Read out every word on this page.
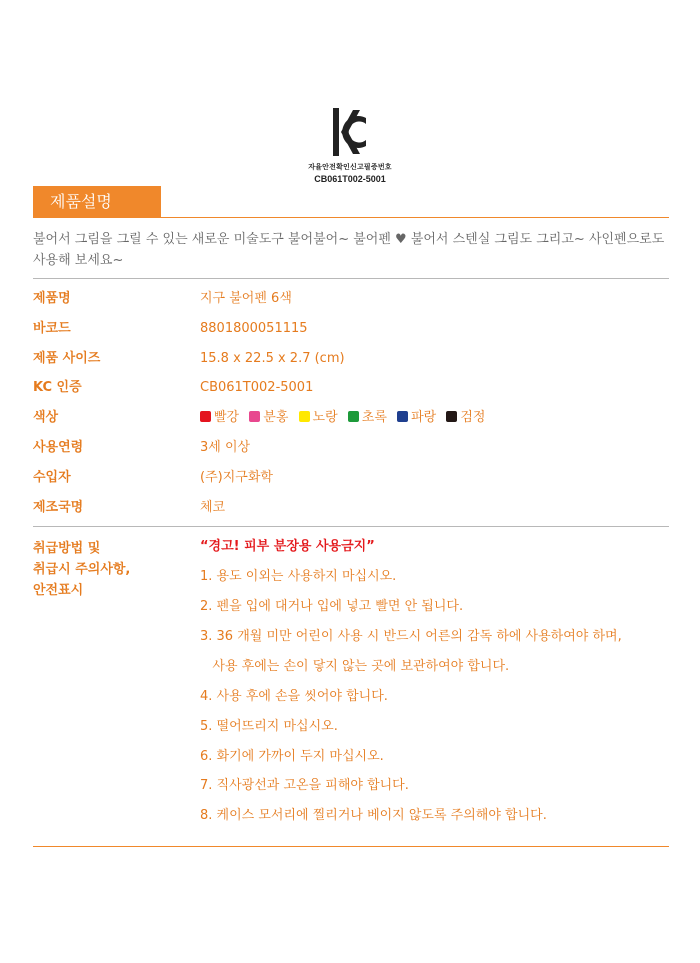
자율안전확인신고필증번호
CB061T002-5001
제품설명
불어서 그림을 그릴 수 있는 새로운 미술도구 불어불어~ 불어펜 ♥ 불어서 스텐실 그림도 그리고~ 사인펜으로도 사용해 보세요~
제품명	지구 불어펜 6색
바코드	8801800051115
제품 사이즈	15.8 x 22.5 x 2.7 (cm)
KC 인증	CB061T002-5001
색상	빨강 분홍 노랑 초록 파랑 검정
사용연령	3세 이상
수입자	(주)지구화학
제조국명	체코
취급방법 및
취급시 주의사항,
안전표시
“경고! 피부 분장용 사용금지”
1. 용도 이외는 사용하지 마십시오.
2. 펜을 입에 대거나 입에 넣고 빨면 안 됩니다.
3. 36 개월 미만 어린이 사용 시 반드시 어른의 감독 하에 사용하여야 하며,
사용 후에는 손이 닿지 않는 곳에 보관하여야 합니다.
4. 사용 후에 손을 씻어야 합니다.
5. 떨어뜨리지 마십시오.
6. 화기에 가까이 두지 마십시오.
7. 직사광선과 고온을 피해야 합니다.
8. 케이스 모서리에 찔리거나 베이지 않도록 주의해야 합니다.
